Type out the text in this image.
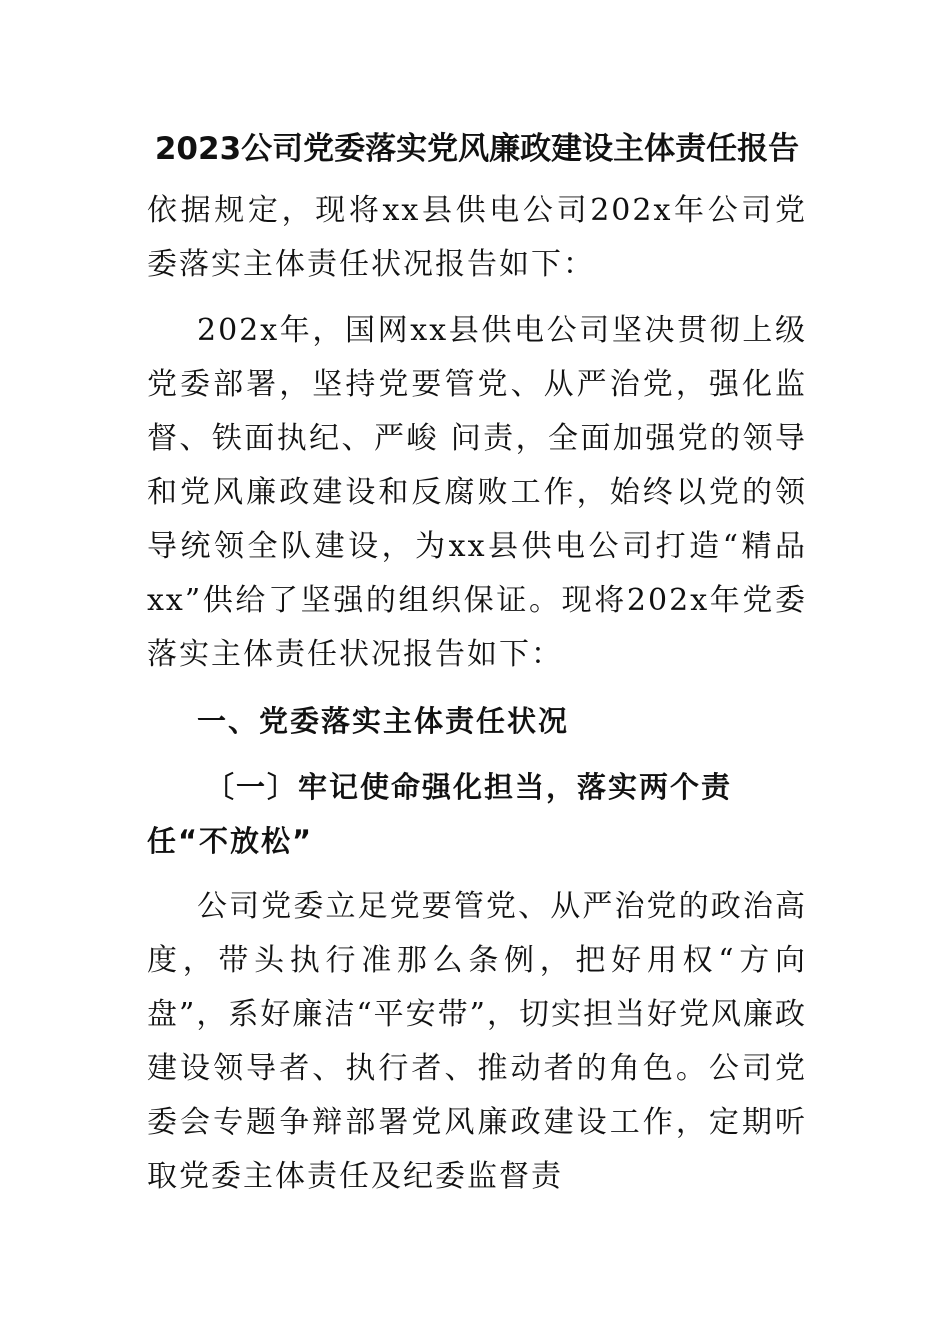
2023公司党委落实党风廉政建设主体责任报告

依据规定，现将xx县供电公司202x年公司党委落实主体责任状况报告如下：

202x年，国网xx县供电公司坚决贯彻上级党委部署，坚持党要管党、从严治党，强化监督、铁面执纪、严峻 问责，全面加强党的领导和党风廉政建设和反腐败工作，始终以党的领导统领全队建设，为xx县供电公司打造“精品xx”供给了坚强的组织保证。现将202x年党委落实主体责任状况报告如下：

一、党委落实主体责任状况
〔一〕牢记使命强化担当，落实两个责任“不放松”

公司党委立足党要管党、从严治党的政治高度，带头执行准那么条例，把好用权“方向盘”，系好廉洁“平安带”，切实担当好党风廉政建设领导者、执行者、推动者的角色。公司党委会专题争辩部署党风廉政建设工作，定期听取党委主体责任及纪委监督责
